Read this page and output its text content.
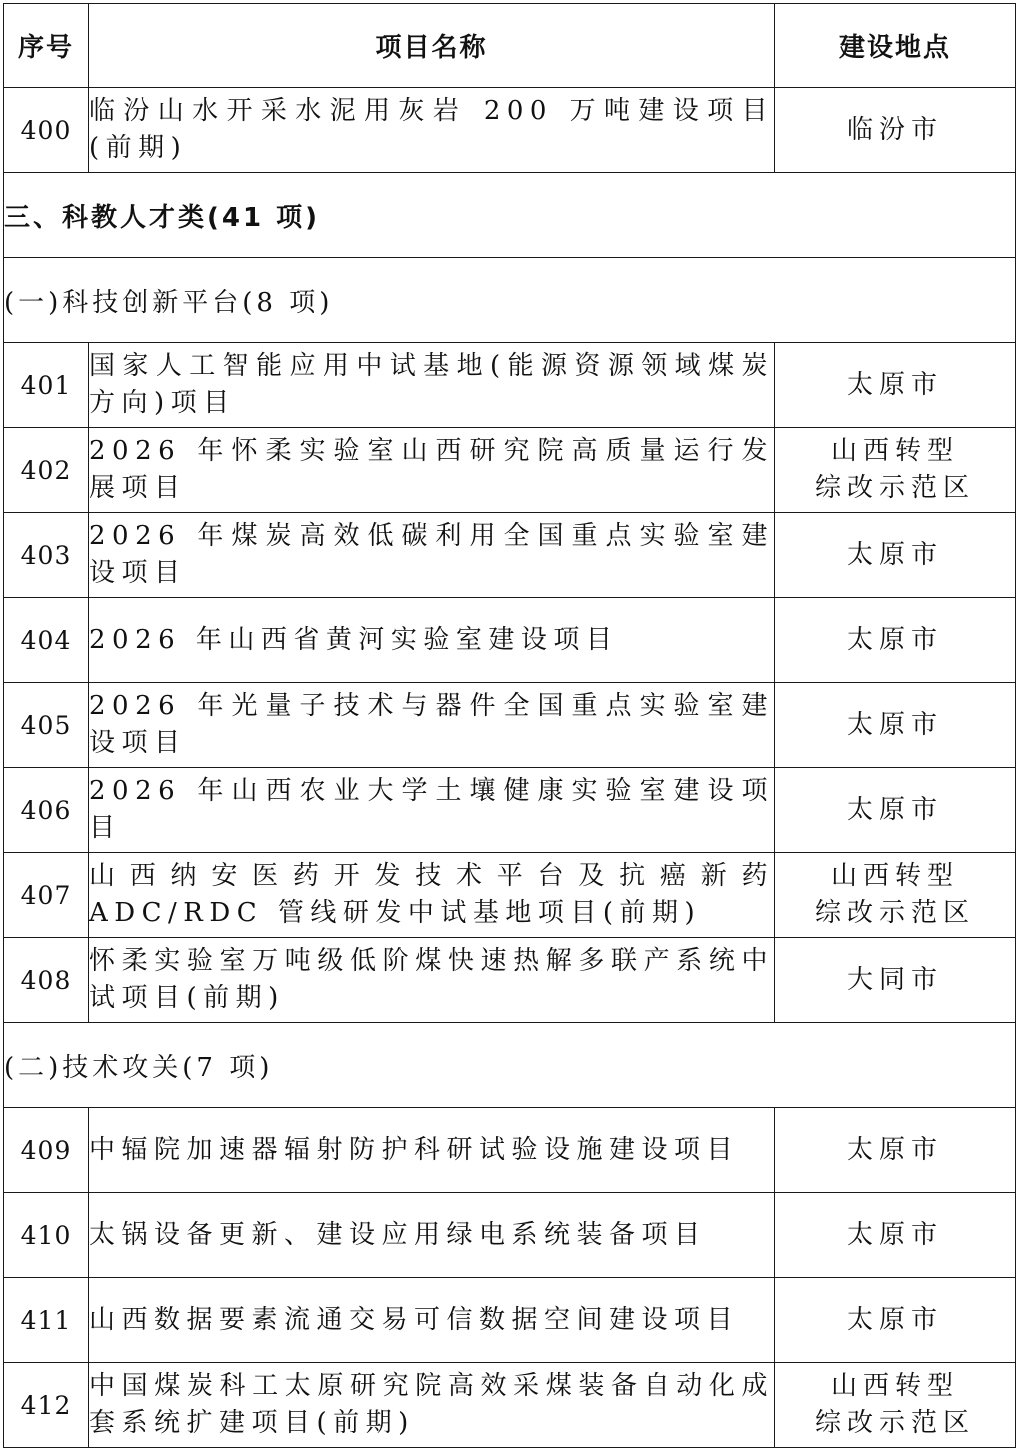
序号	项目名称	建设地点
400	临汾山水开采水泥用灰岩 200 万吨建设项目(前期)	临汾市
三、科教人才类(41 项)		
(一)科技创新平台(8 项)		
401	国家人工智能应用中试基地(能源资源领域煤炭方向)项目	太原市
402	2026 年怀柔实验室山西研究院高质量运行发展项目	山西转型
综改示范区
403	2026 年煤炭高效低碳利用全国重点实验室建设项目	太原市
404	2026 年山西省黄河实验室建设项目	太原市
405	2026 年光量子技术与器件全国重点实验室建设项目	太原市
406	2026 年山西农业大学土壤健康实验室建设项目	太原市
407	山西纳安医药开发技术平台及抗癌新药 ADC/RDC 管线研发中试基地项目(前期)	山西转型
综改示范区
408	怀柔实验室万吨级低阶煤快速热解多联产系统中试项目(前期)	大同市
(二)技术攻关(7 项)		
409	中辐院加速器辐射防护科研试验设施建设项目	太原市
410	太锅设备更新、建设应用绿电系统装备项目	太原市
411	山西数据要素流通交易可信数据空间建设项目	太原市
412	中国煤炭科工太原研究院高效采煤装备自动化成套系统扩建项目(前期)	山西转型
综改示范区
